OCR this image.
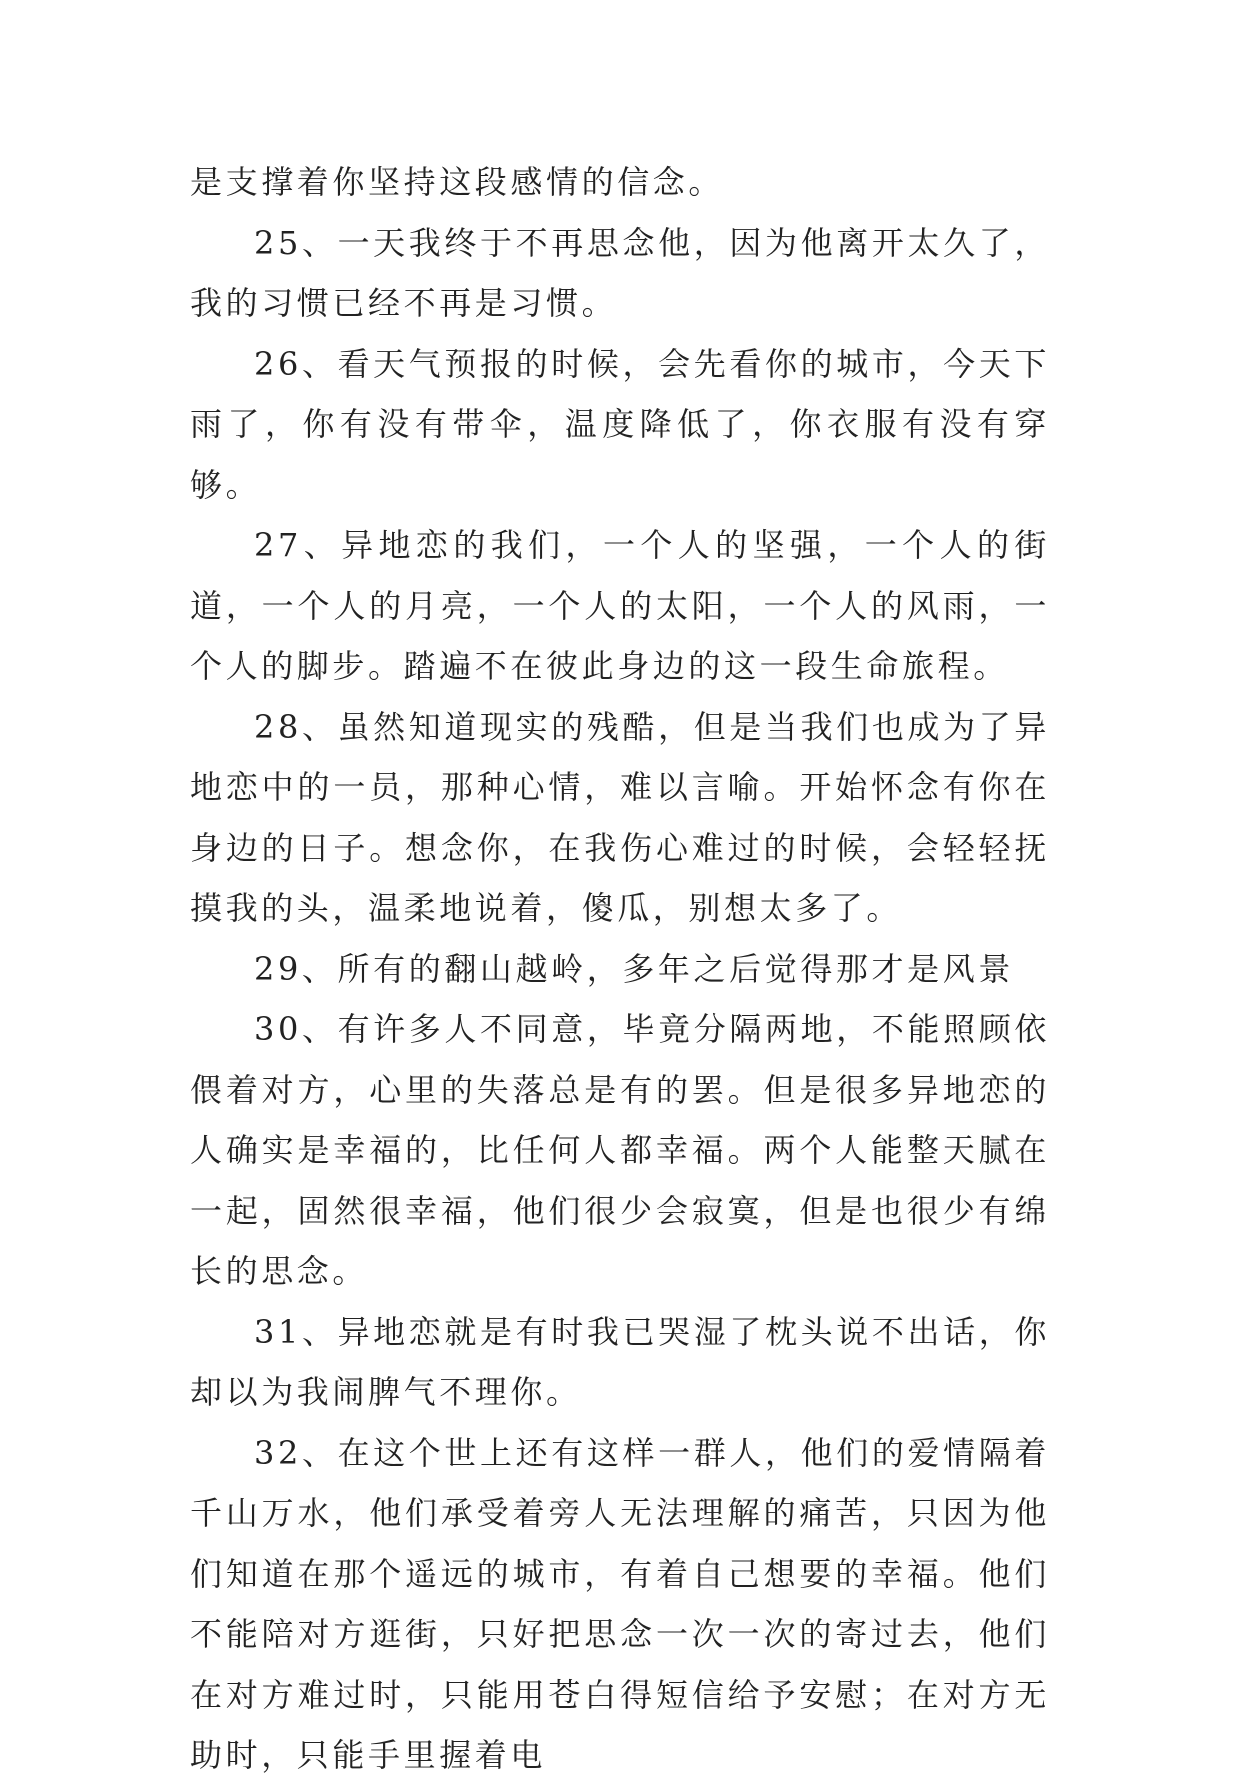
是支撑着你坚持这段感情的信念。

25、一天我终于不再思念他，因为他离开太久了，我的习惯已经不再是习惯。

26、看天气预报的时候，会先看你的城市，今天下雨了，你有没有带伞，温度降低了，你衣服有没有穿够。

27、异地恋的我们，一个人的坚强，一个人的街道，一个人的月亮，一个人的太阳，一个人的风雨，一个人的脚步。踏遍不在彼此身边的这一段生命旅程。

28、虽然知道现实的残酷，但是当我们也成为了异地恋中的一员，那种心情，难以言喻。开始怀念有你在身边的日子。想念你，在我伤心难过的时候，会轻轻抚摸我的头，温柔地说着，傻瓜，别想太多了。

29、所有的翻山越岭，多年之后觉得那才是风景

30、有许多人不同意，毕竟分隔两地，不能照顾依偎着对方，心里的失落总是有的罢。但是很多异地恋的人确实是幸福的，比任何人都幸福。两个人能整天腻在一起，固然很幸福，他们很少会寂寞，但是也很少有绵长的思念。

31、异地恋就是有时我已哭湿了枕头说不出话，你却以为我闹脾气不理你。

32、在这个世上还有这样一群人，他们的爱情隔着千山万水，他们承受着旁人无法理解的痛苦，只因为他们知道在那个遥远的城市，有着自己想要的幸福。他们不能陪对方逛街，只好把思念一次一次的寄过去，他们在对方难过时，只能用苍白得短信给予安慰；在对方无助时，只能手里握着电
